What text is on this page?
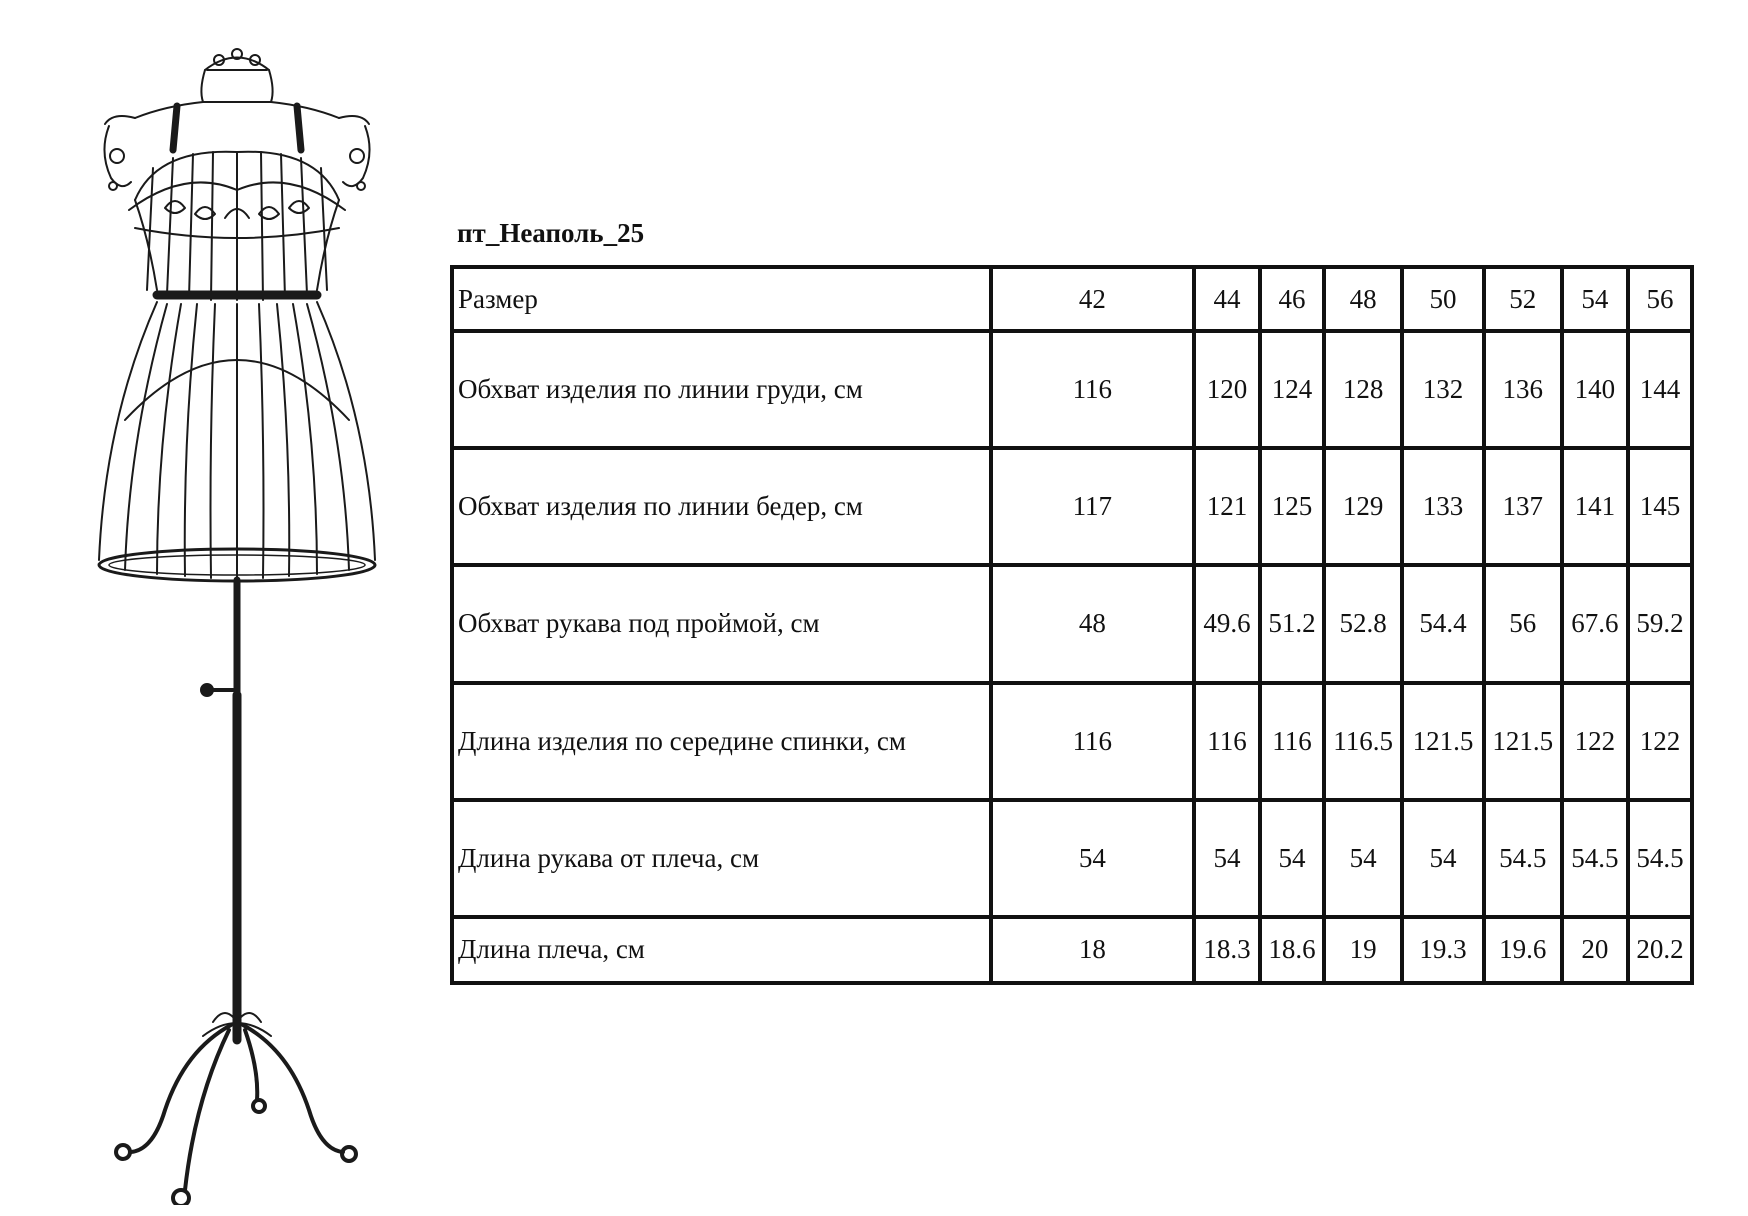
пт_Неаполь_25
Размер	42	44	46	48	50	52	54	56
Обхват изделия по линии груди, см	116	120	124	128	132	136	140	144
Обхват изделия по линии бедер, см	117	121	125	129	133	137	141	145
Обхват рукава под проймой, см	48	49.6	51.2	52.8	54.4	56	67.6	59.2
Длина изделия по середине спинки, см	116	116	116	116.5	121.5	121.5	122	122
Длина рукава от плеча, см	54	54	54	54	54	54.5	54.5	54.5
Длина плеча, см	18	18.3	18.6	19	19.3	19.6	20	20.2
